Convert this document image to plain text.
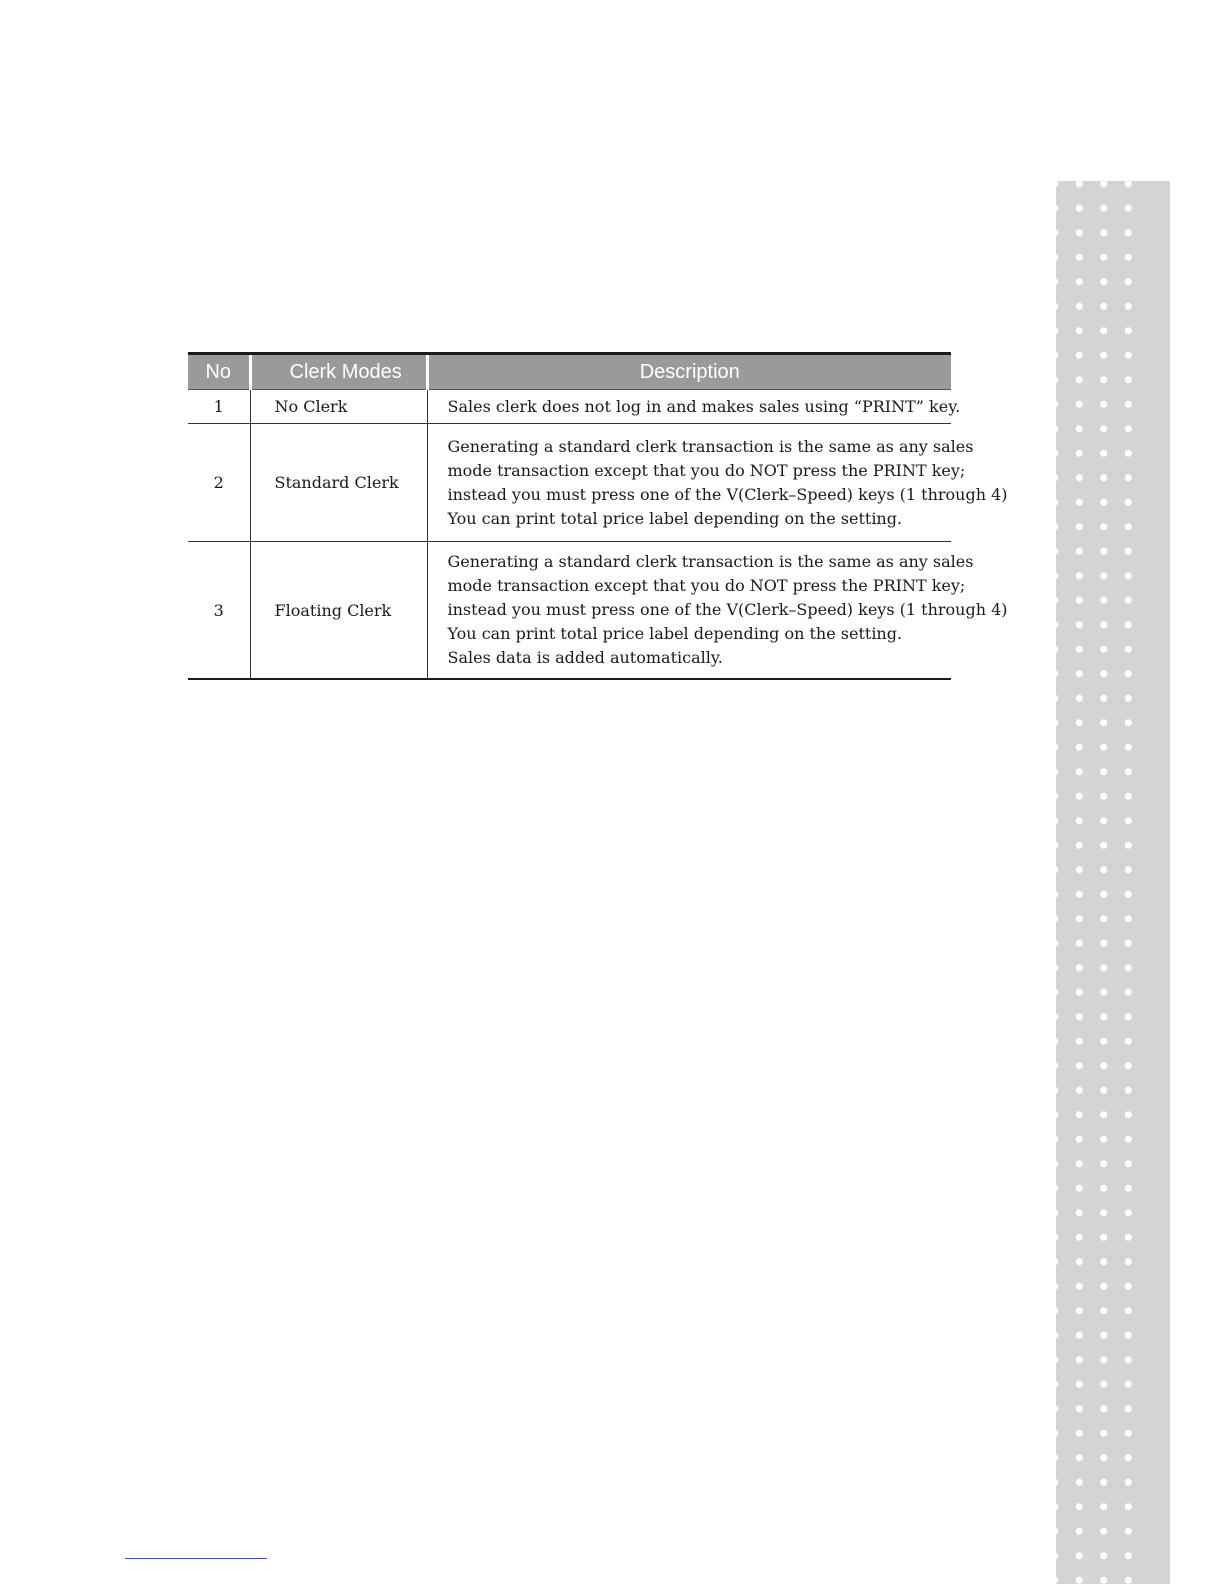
No	Clerk Modes	Description
1	No Clerk	Sales clerk does not log in and makes sales using “PRINT” key.

2	Standard Clerk	Generating a standard clerk transaction is the same as any sales
mode transaction except that you do NOT press the PRINT key;
instead you must press one of the V(Clerk–Speed) keys (1 through 4)
You can print total price label depending on the setting.

3	Floating Clerk	Generating a standard clerk transaction is the same as any sales
mode transaction except that you do NOT press the PRINT key;
instead you must press one of the V(Clerk–Speed) keys (1 through 4)
You can print total price label depending on the setting.
Sales data is added automatically.
